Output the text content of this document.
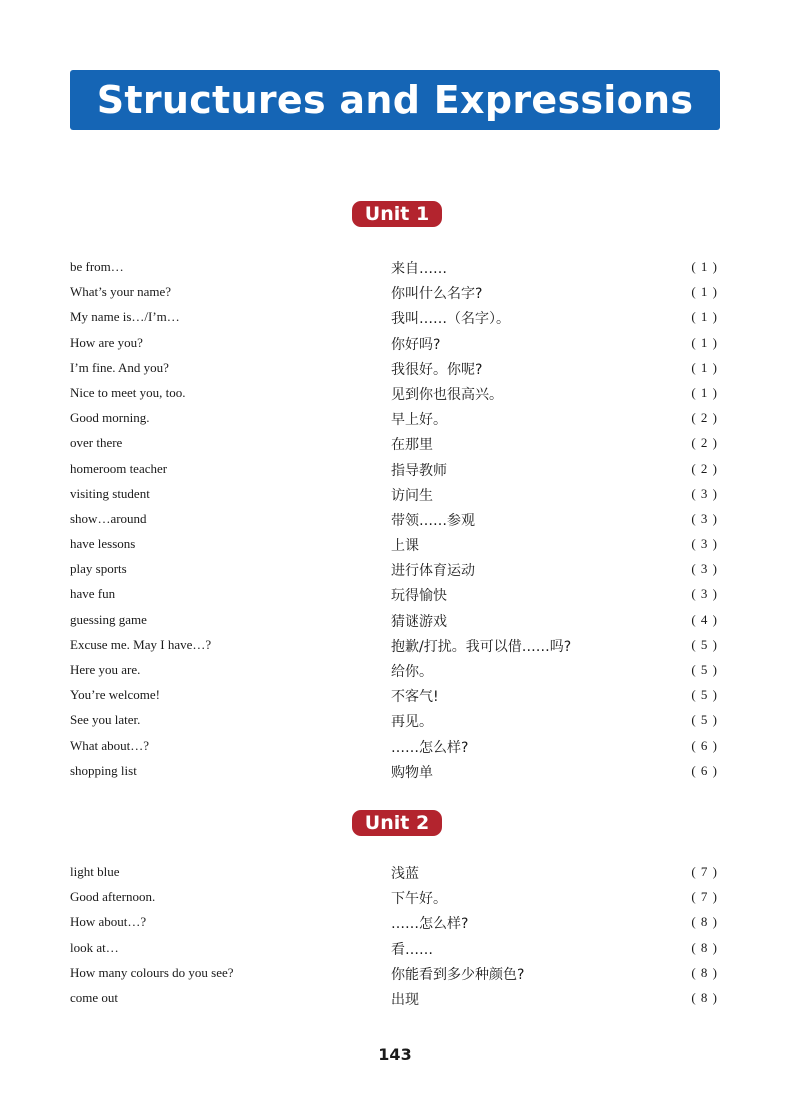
Structures and Expressions
Unit 1
be from…	来自……	( 1 )
What’s your name?	你叫什么名字?	( 1 )
My name is…/I’m…	我叫……（名字）。	( 1 )
How are you?	你好吗?	( 1 )
I’m fine. And you?	我很好。你呢?	( 1 )
Nice to meet you, too.	见到你也很高兴。	( 1 )
Good morning.	早上好。	( 2 )
over there	在那里	( 2 )
homeroom teacher	指导教师	( 2 )
visiting student	访问生	( 3 )
show…around	带领……参观	( 3 )
have lessons	上课	( 3 )
play sports	进行体育运动	( 3 )
have fun	玩得愉快	( 3 )
guessing game	猜谜游戏	( 4 )
Excuse me. May I have…?	抱歉/打扰。我可以借……吗?	( 5 )
Here you are.	给你。	( 5 )
You’re welcome!	不客气!	( 5 )
See you later.	再见。	( 5 )
What about…?	……怎么样?	( 6 )
shopping list	购物单	( 6 )
Unit 2
light blue	浅蓝	( 7 )
Good afternoon.	下午好。	( 7 )
How about…?	……怎么样?	( 8 )
look at…	看……	( 8 )
How many colours do you see?	你能看到多少种颜色?	( 8 )
come out	出现	( 8 )
143
